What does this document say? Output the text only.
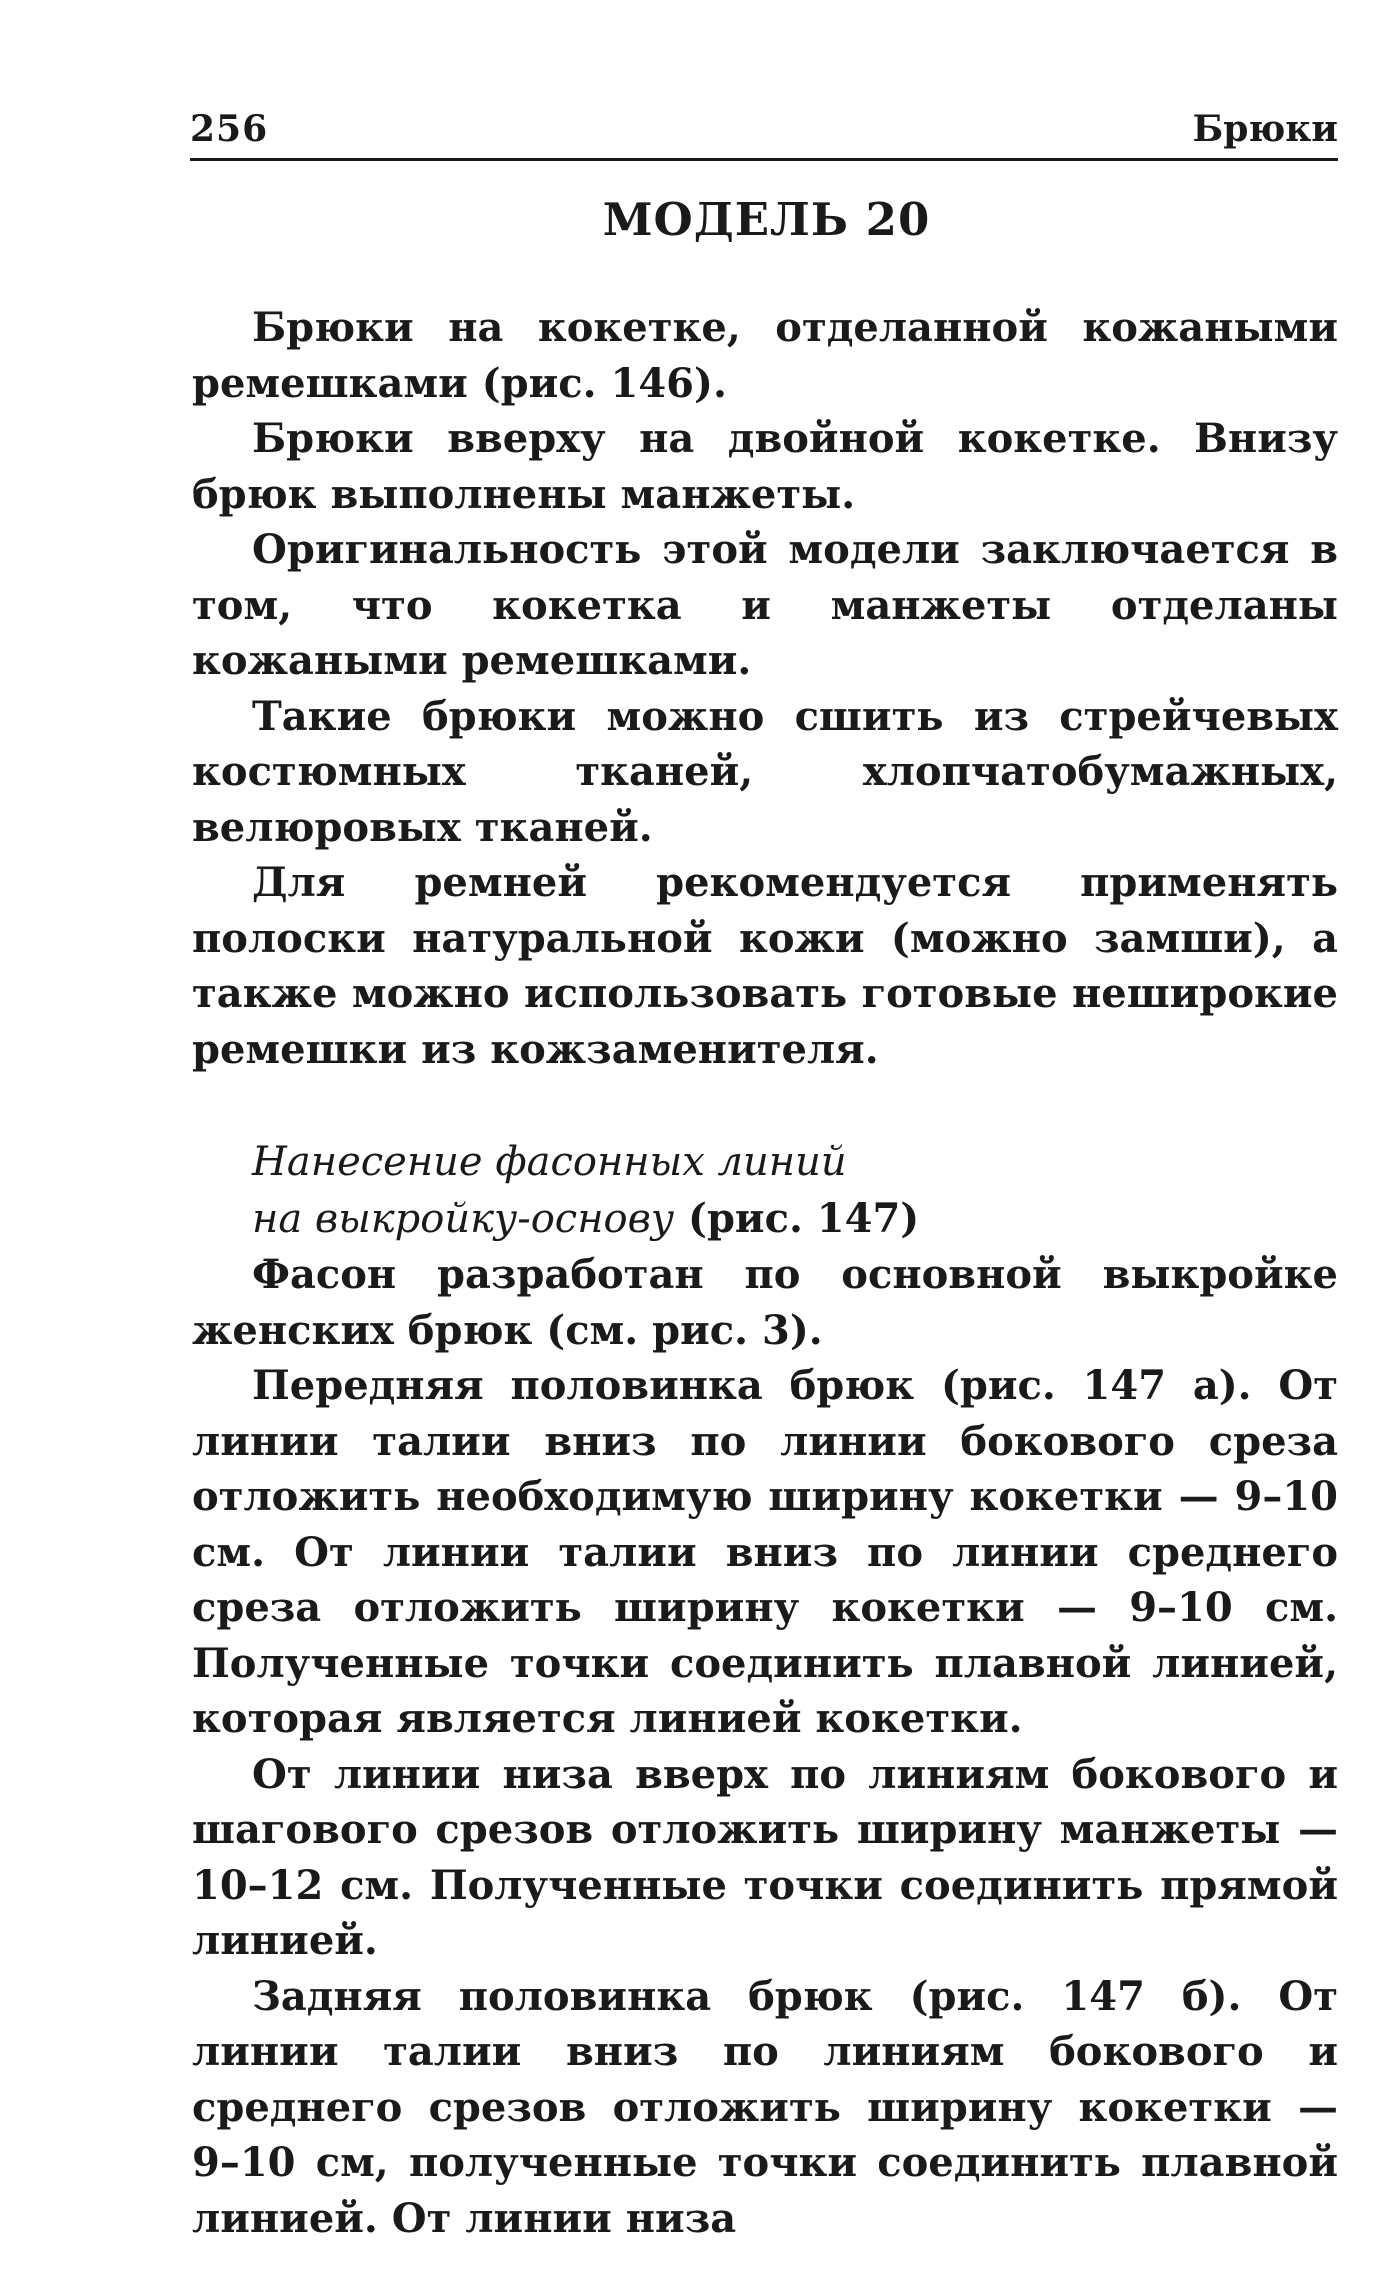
256	Брюки
МОДЕЛЬ 20

Брюки на кокетке, отделанной кожаными ремешками (рис. 146).

Брюки вверху на двойной кокетке. Внизу брюк выполнены манжеты.

Оригинальность этой модели заключается в том, что кокетка и манжеты отделаны кожаными ремешками.

Такие брюки можно сшить из стрейчевых костюмных тканей, хлопчатобумажных, велюровых тканей.

Для ремней рекомендуется применять полоски натуральной кожи (можно замши), а также можно использовать готовые неширокие ремешки из кожзаменителя.

Нанесение фасонных линий
на выкройку-основу (рис. 147)

Фасон разработан по основной выкройке женских брюк (см. рис. 3).

Передняя половинка брюк (рис. 147 а). От линии талии вниз по линии бокового среза отложить необходимую ширину кокетки — 9–10 см. От линии талии вниз по линии среднего среза отложить ширину кокетки — 9–10 см. Полученные точки соединить плавной линией, которая является линией кокетки.

От линии низа вверх по линиям бокового и шагового срезов отложить ширину манжеты — 10–12 см. Полученные точки соединить прямой линией.

Задняя половинка брюк (рис. 147 б). От линии талии вниз по линиям бокового и среднего срезов отложить ширину кокетки — 9–10 см, полученные точки соединить плавной линией. От линии низа
